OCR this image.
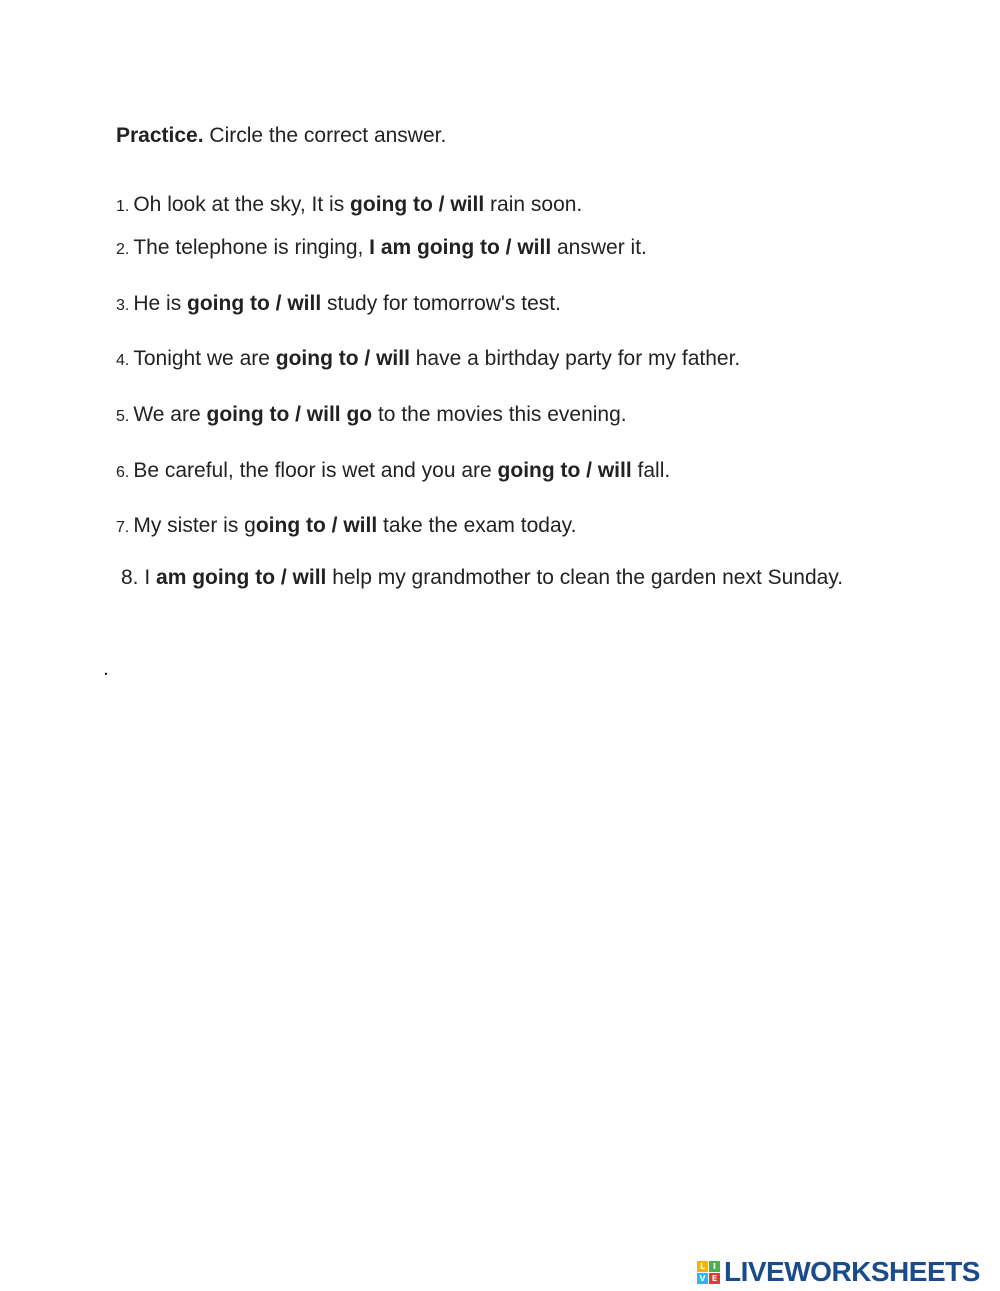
Practice. Circle the correct answer.
1. Oh look at the sky, It is going to / will rain soon.
2. The telephone is ringing, I am going to / will answer it.
3. He is going to / will study for tomorrow's test.
4. Tonight we are going to / will have a birthday party for my father.
5. We are going to / will go to the movies this evening.
6. Be careful, the floor is wet and you are going to / will fall.
7. My sister is going to / will take the exam today.
8. I am going to / will help my grandmother to clean the garden next Sunday.
.
L I
V E LIVEWORKSHEETS
